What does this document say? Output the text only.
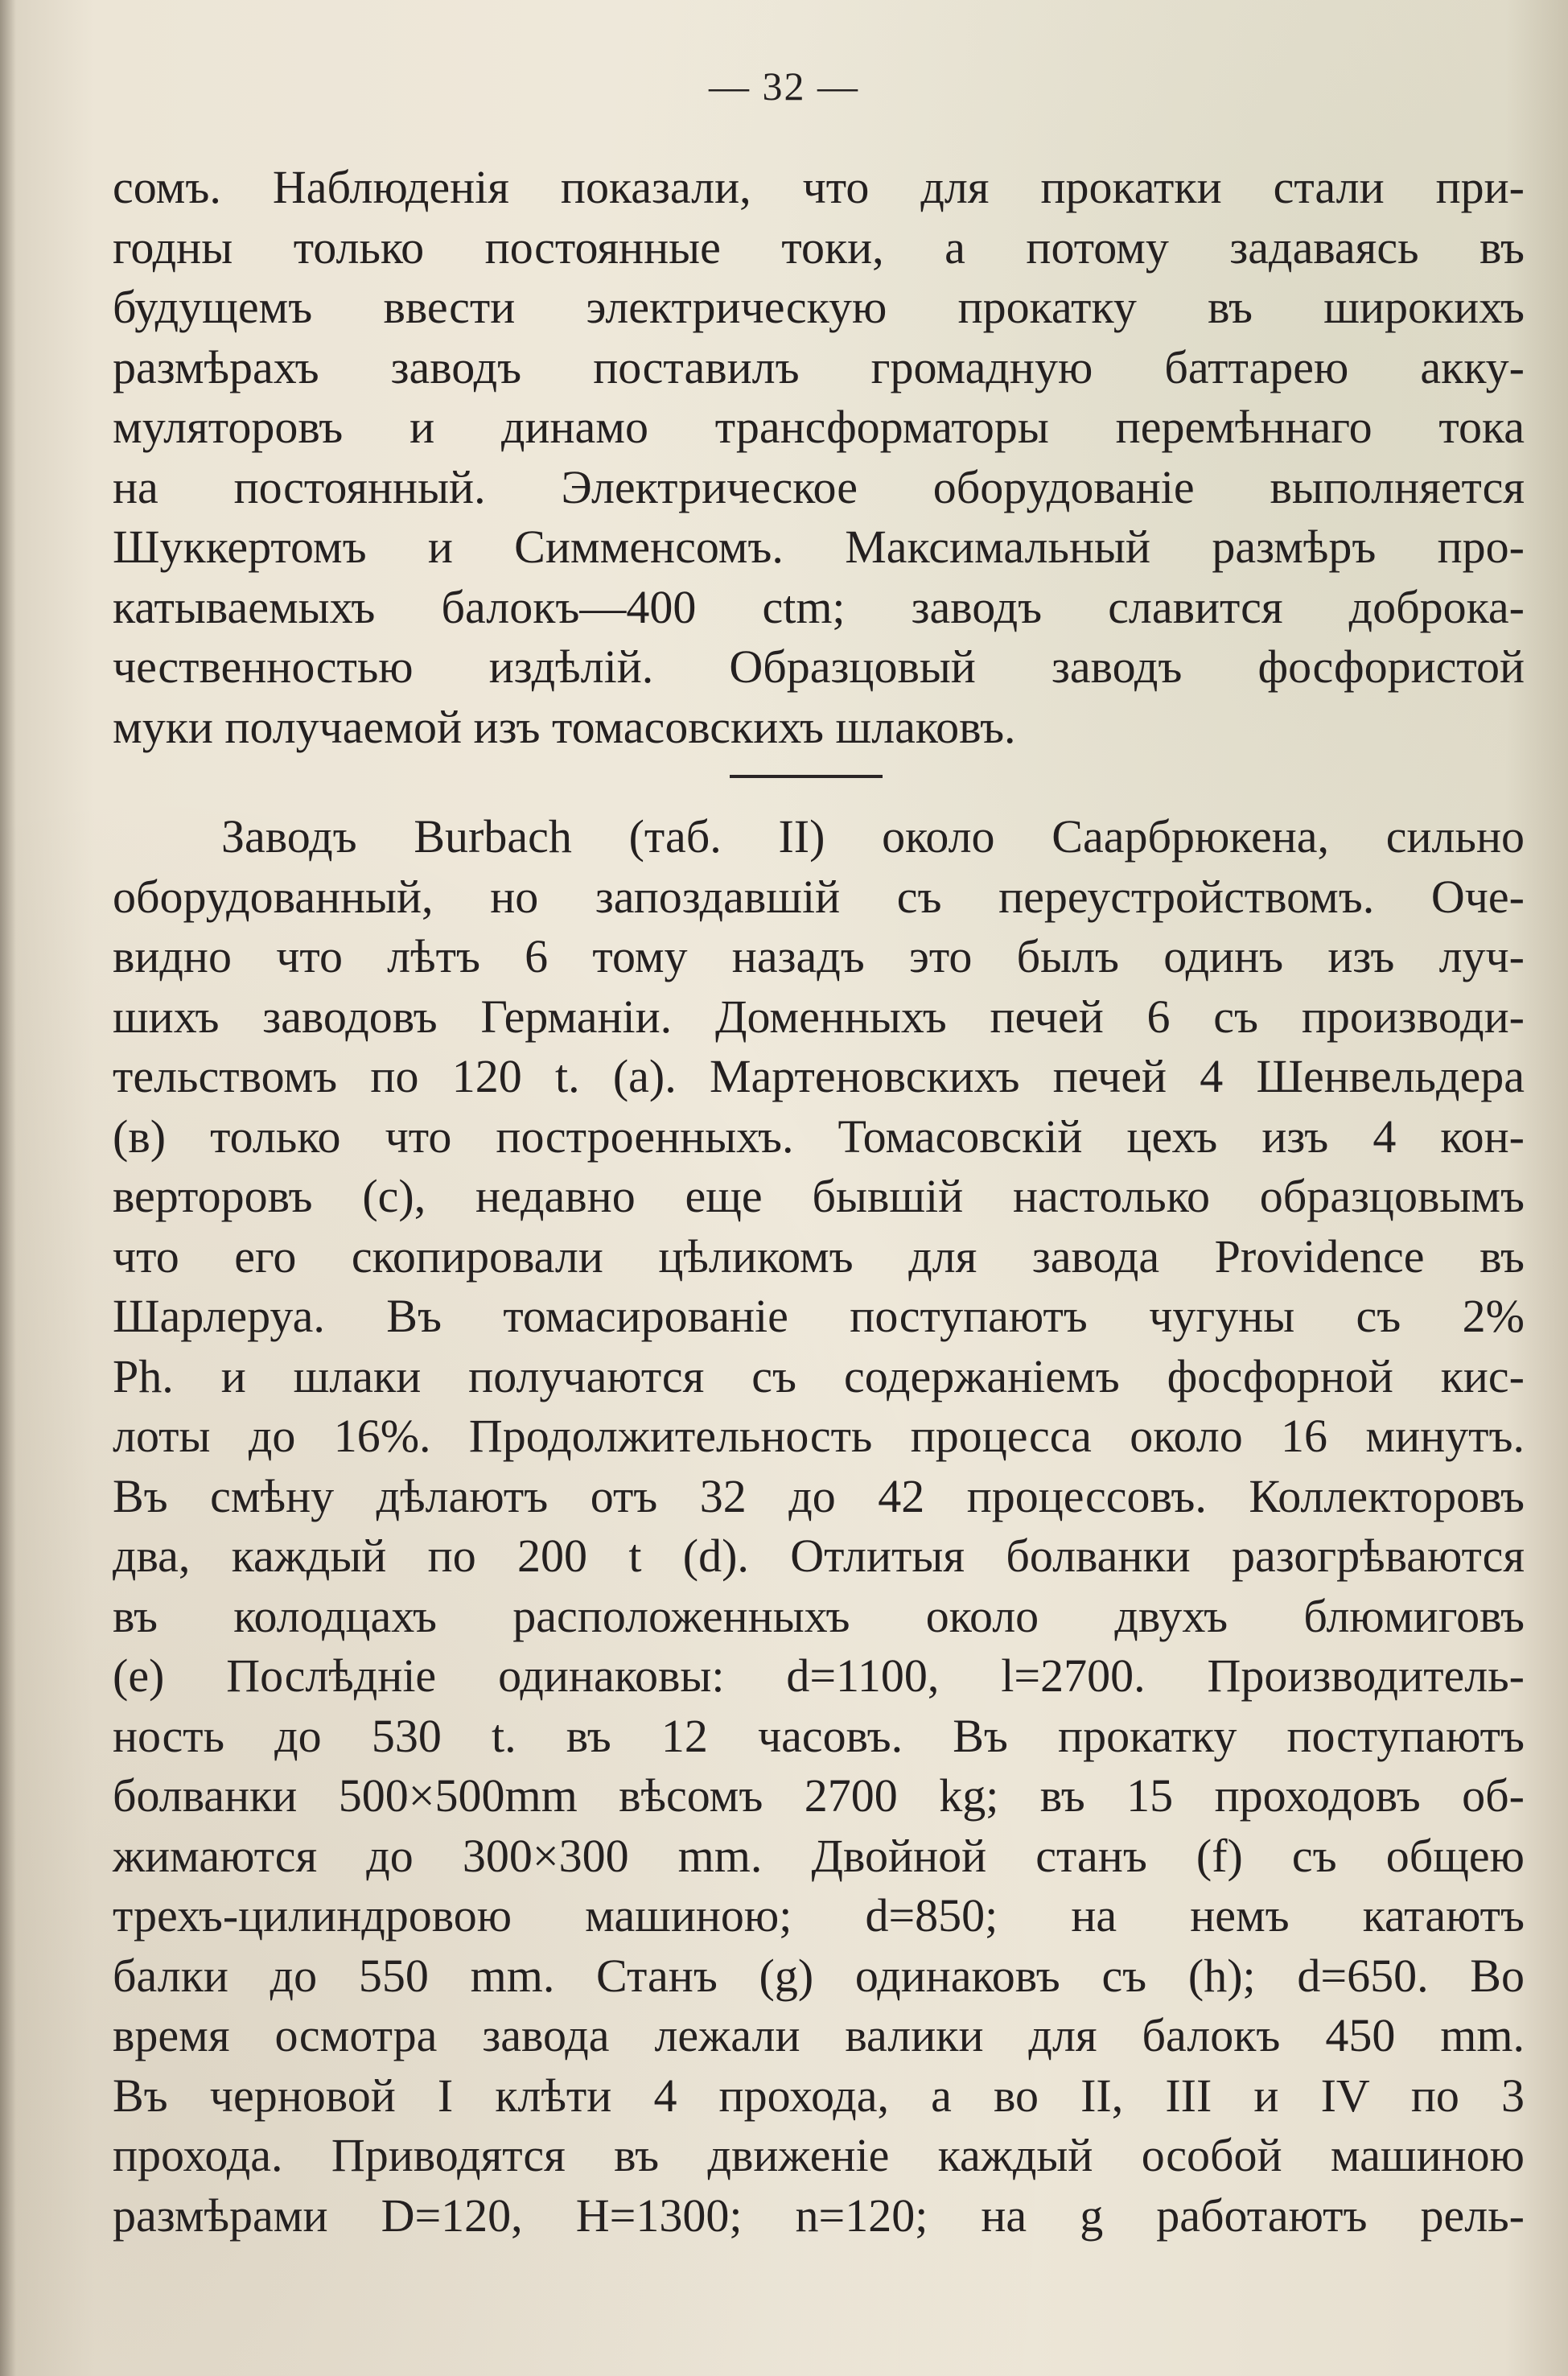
— 32 —
сомъ. Наблюденія показали, что для прокатки стали при-
годны только постоянные токи, а потому задаваясь въ
будущемъ ввести электрическую прокатку въ широкихъ
размѣрахъ заводъ поставилъ громадную баттарею акку-
муляторовъ и динамо трансформаторы перемѣннаго тока
на постоянный. Электрическое оборудованіе выполняется
Шуккертомъ и Симменсомъ. Максимальный размѣръ про-
катываемыхъ балокъ—400 ctm; заводъ славится доброка-
чественностью издѣлій. Образцовый заводъ фосфористой
муки получаемой изъ томасовскихъ шлаковъ.
Заводъ Burbach (таб. II) около Саарбрюкена, сильно
оборудованный, но запоздавшій съ переустройствомъ. Оче-
видно что лѣтъ 6 тому назадъ это былъ одинъ изъ луч-
шихъ заводовъ Германіи. Доменныхъ печей 6 съ производи-
тельствомъ по 120 t. (а). Мартеновскихъ печей 4 Шенвельдера
(в) только что построенныхъ. Томасовскій цехъ изъ 4 кон-
верторовъ (с), недавно еще бывшій настолько образцовымъ
что его скопировали цѣликомъ для завода Providence въ
Шарлеруа. Въ томасированіе поступаютъ чугуны съ 2%
Ph. и шлаки получаются съ содержаніемъ фосфорной кис-
лоты до 16%. Продолжительность процесса около 16 минутъ.
Въ смѣну дѣлаютъ отъ 32 до 42 процессовъ. Коллекторовъ
два, каждый по 200 t (d). Отлитыя болванки разогрѣваются
въ колодцахъ расположенныхъ около двухъ блюмиговъ
(е) Послѣдніе одинаковы: d=1100, l=2700. Производитель-
ность до 530 t. въ 12 часовъ. Въ прокатку поступаютъ
болванки 500×500mm вѣсомъ 2700 kg; въ 15 проходовъ об-
жимаются до 300×300 mm. Двойной станъ (f) съ общею
трехъ-цилиндровою машиною; d=850; на немъ катаютъ
балки до 550 mm. Станъ (g) одинаковъ съ (h); d=650. Во
время осмотра завода лежали валики для балокъ 450 mm.
Въ черновой I клѣти 4 прохода, а во II, III и IV по 3
прохода. Приводятся въ движеніе каждый особой машиною
размѣрами D=120, H=1300; n=120; на g работаютъ рель-
